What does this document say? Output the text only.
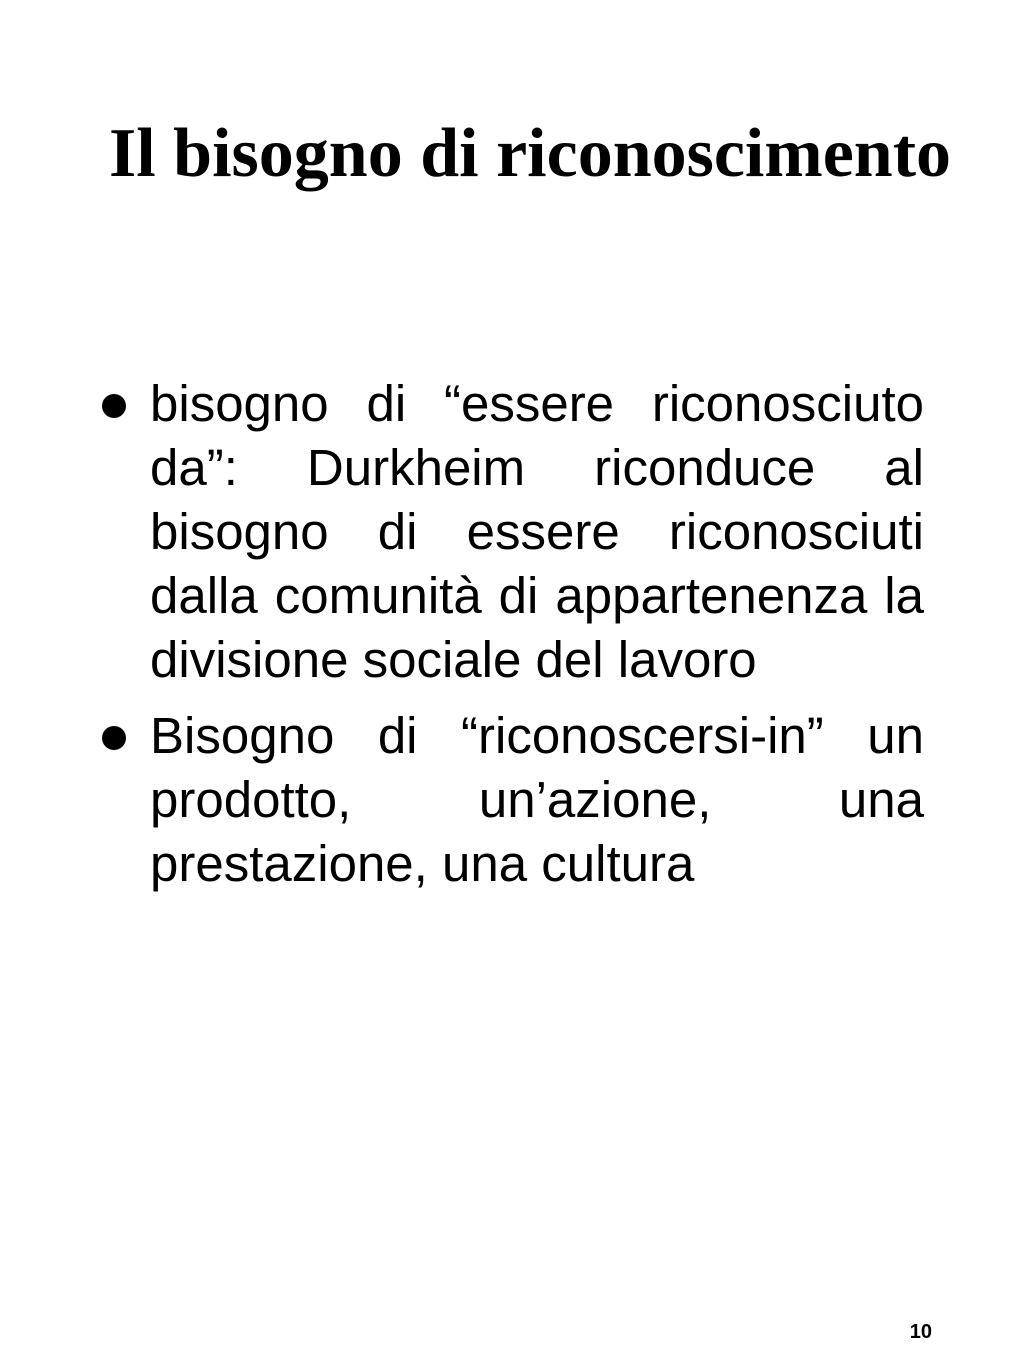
Il bisogno di riconoscimento
bisogno di “essere riconosciuto da”: Durkheim riconduce al bisogno di essere riconosciuti dalla comunità di appartenenza la divisione sociale del lavoro
Bisogno di “riconoscersi-in” un prodotto, un’azione, una prestazione, una cultura
10
